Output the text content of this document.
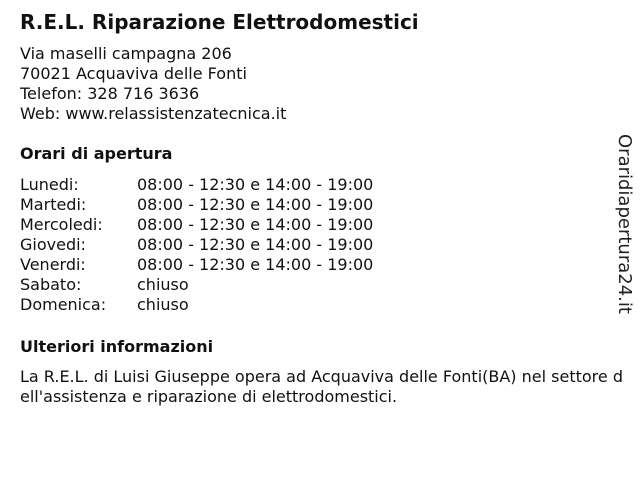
R.E.L. Riparazione Elettrodomestici
Via maselli campagna 206
70021 Acquaviva delle Fonti
Telefon: 328 716 3636
Web: www.relassistenzatecnica.it
Orari di apertura
Lunedi:	08:00 - 12:30 e 14:00 - 19:00
Martedi:	08:00 - 12:30 e 14:00 - 19:00
Mercoledi:	08:00 - 12:30 e 14:00 - 19:00
Giovedi:	08:00 - 12:30 e 14:00 - 19:00
Venerdi:	08:00 - 12:30 e 14:00 - 19:00
Sabato:	chiuso
Domenica:	chiuso
Ulteriori informazioni
La R.E.L. di Luisi Giuseppe opera ad Acquaviva delle Fonti(BA) nel settore dell'assistenza e riparazione di elettrodomestici.
Oraridiapertura24.it
